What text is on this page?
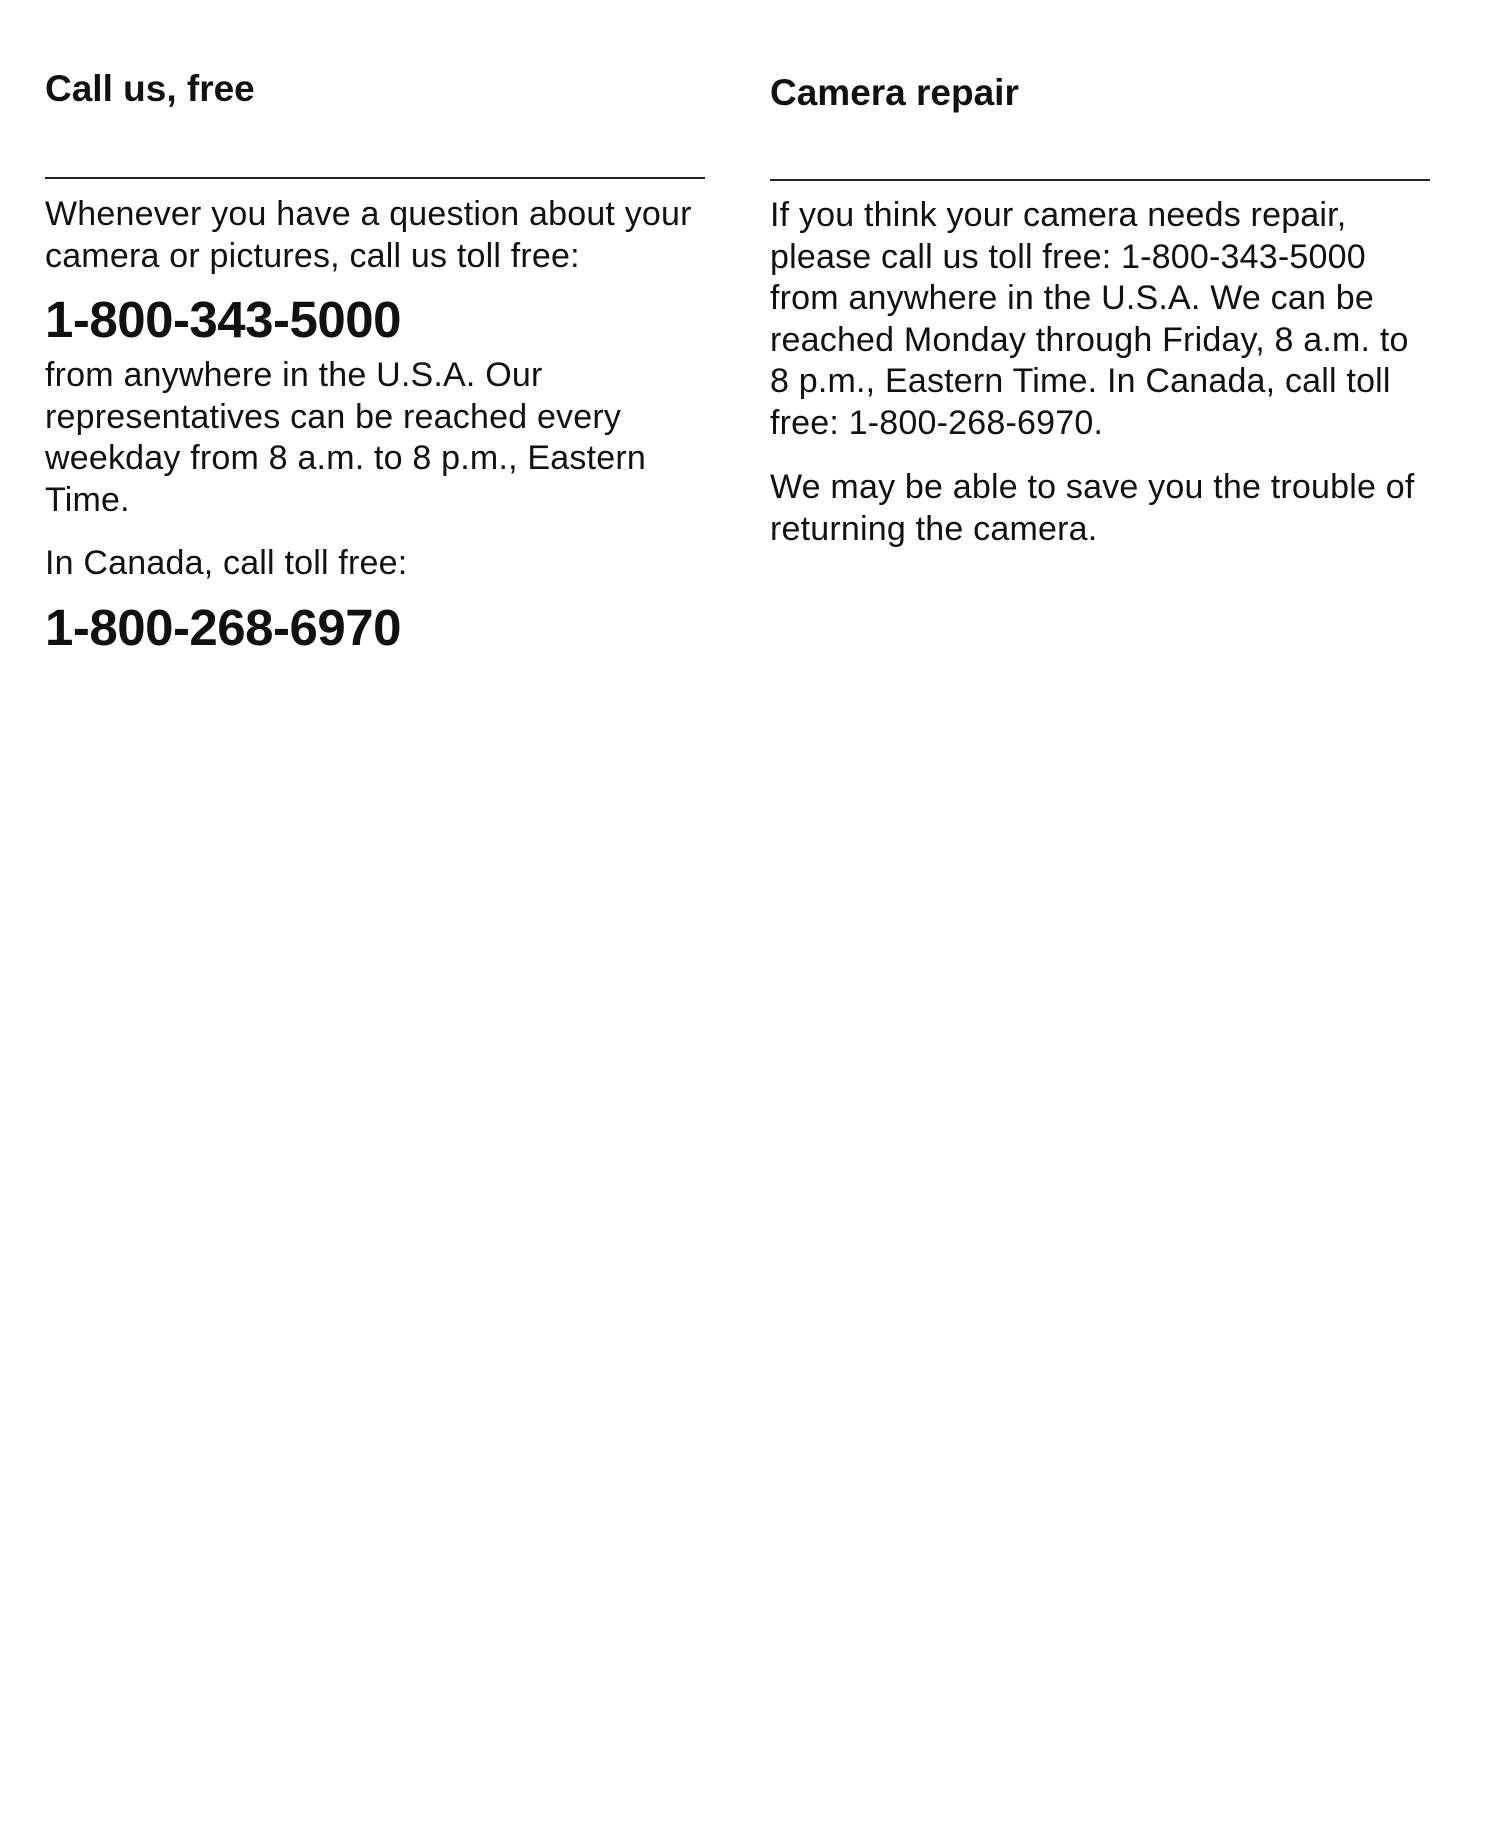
Call us, free

Whenever you have a question about your camera or pictures, call us toll free:

1-800-343-5000

from anywhere in the U.S.A. Our representatives can be reached every weekday from 8 a.m. to 8 p.m., Eastern Time.

In Canada, call toll free:

1-800-268-6970
Camera repair

If you think your camera needs repair, please call us toll free: 1-800-343-5000 from anywhere in the U.S.A. We can be reached Monday through Friday, 8 a.m. to 8 p.m., Eastern Time. In Canada, call toll free: 1-800-268-6970.

We may be able to save you the trouble of returning the camera.
